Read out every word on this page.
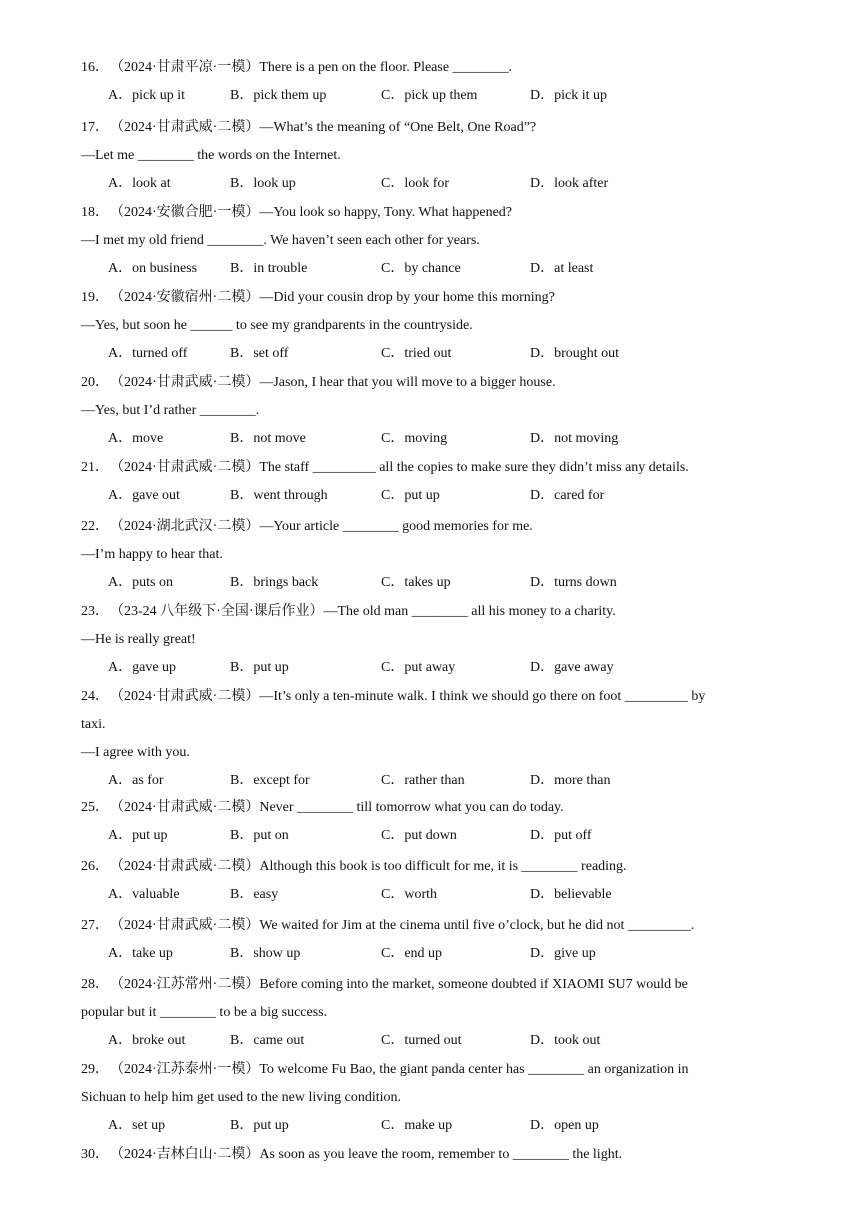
16． （2024·甘肃平凉·一模）There is a pen on the floor. Please ________.
A．pick up it	B．pick them up	C．pick up them	D．pick it up
17． （2024·甘肃武威·二模）—What’s the meaning of “One Belt, One Road”?
—Let me ________ the words on the Internet.
A．look at	B．look up	C．look for	D．look after
18． （2024·安徽合肥·一模）—You look so happy, Tony. What happened?
—I met my old friend ________. We haven’t seen each other for years.
A．on business B．in trouble	C．by chance	D．at least
19． （2024·安徽宿州·二模）—Did your cousin drop by your home this morning?
—Yes, but soon he ______ to see my grandparents in the countryside.
A．turned off	B．set off	C．tried out	D．brought out
20． （2024·甘肃武威·二模）—Jason, I hear that you will move to a bigger house.
—Yes, but I’d rather ________.
A．move	B．not move	C．moving	D．not moving
21． （2024·甘肃武威·二模）The staff _________ all the copies to make sure they didn’t miss any details.
A．gave out	B．went through	C．put up	D．cared for
22． （2024·湖北武汉·二模）—Your article ________ good memories for me.
—I’m happy to hear that.
A．puts on	B．brings back	C．takes up	D．turns down
23． （23-24 八年级下·全国·课后作业）—The old man ________ all his money to a charity.
—He is really great!
A．gave up	B．put up	C．put away	D．gave away
24． （2024·甘肃武威·二模）—It’s only a ten-minute walk. I think we should go there on foot _________ by
taxi.
—I agree with you.
A．as for	B．except for	C．rather than	D．more than
25． （2024·甘肃武威·二模）Never ________ till tomorrow what you can do today.
A．put up	B．put on	C．put down	D．put off
26． （2024·甘肃武威·二模）Although this book is too difficult for me, it is ________ reading.
A．valuable	B．easy	C．worth	D．believable
27． （2024·甘肃武威·二模）We waited for Jim at the cinema until five o’clock, but he did not _________.
A．take up	B．show up	C．end up	D．give up
28． （2024·江苏常州·二模）Before coming into the market, someone doubted if XIAOMI SU7 would be
popular but it ________ to be a big success.
A．broke out	B．came out	C．turned out	D．took out
29． （2024·江苏泰州·一模）To welcome Fu Bao, the giant panda center has ________ an organization in
Sichuan to help him get used to the new living condition.
A．set up	B．put up	C．make up	D．open up
30． （2024·吉林白山·二模）As soon as you leave the room, remember to ________ the light.
